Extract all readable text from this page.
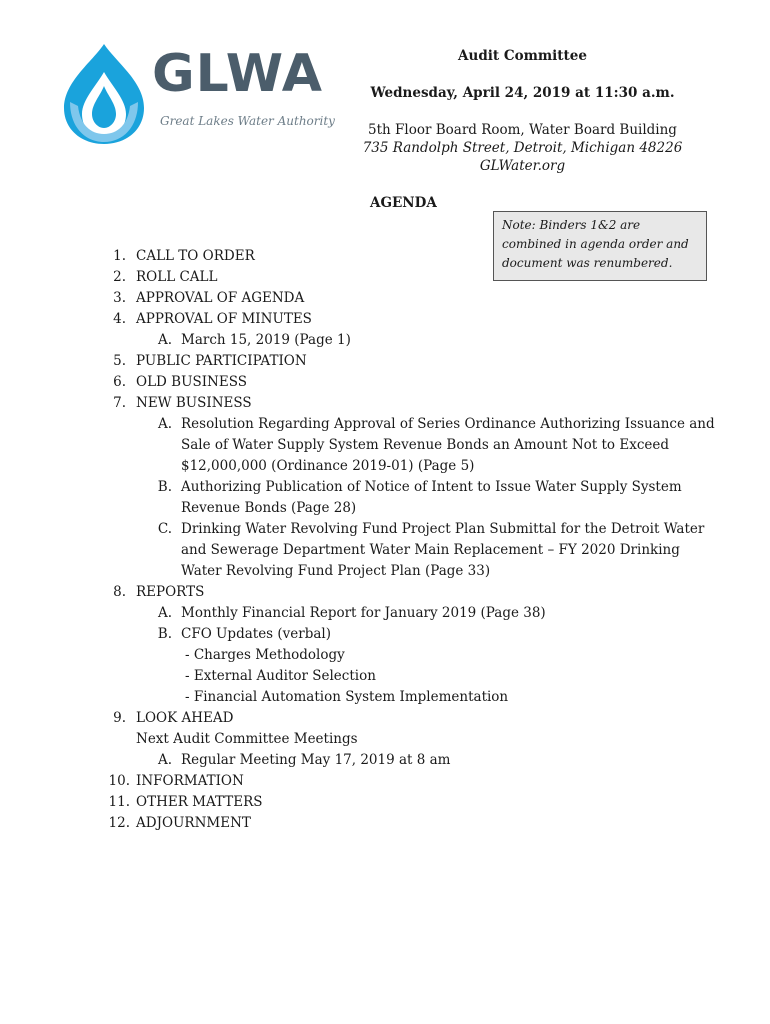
GLWA
Great Lakes Water Authority
Audit Committee
Wednesday, April 24, 2019 at 11:30 a.m.
5th Floor Board Room, Water Board Building
735 Randolph Street, Detroit, Michigan 48226
GLWater.org
AGENDA
Note: Binders 1&2 are combined in agenda order and document was renumbered.
1. CALL TO ORDER
2. ROLL CALL
3. APPROVAL OF AGENDA
4. APPROVAL OF MINUTES
A. March 15, 2019 (Page 1)
5. PUBLIC PARTICIPATION
6. OLD BUSINESS
7. NEW BUSINESS
A. Resolution Regarding Approval of Series Ordinance Authorizing Issuance and
Sale of Water Supply System Revenue Bonds an Amount Not to Exceed
$12,000,000 (Ordinance 2019-01) (Page 5)
B. Authorizing Publication of Notice of Intent to Issue Water Supply System
Revenue Bonds (Page 28)
C. Drinking Water Revolving Fund Project Plan Submittal for the Detroit Water
and Sewerage Department Water Main Replacement – FY 2020 Drinking
Water Revolving Fund Project Plan (Page 33)
8. REPORTS
A. Monthly Financial Report for January 2019 (Page 38)
B. CFO Updates (verbal)
- Charges Methodology
- External Auditor Selection
- Financial Automation System Implementation
9. LOOK AHEAD
Next Audit Committee Meetings
A. Regular Meeting May 17, 2019 at 8 am
10. INFORMATION
11. OTHER MATTERS
12. ADJOURNMENT
